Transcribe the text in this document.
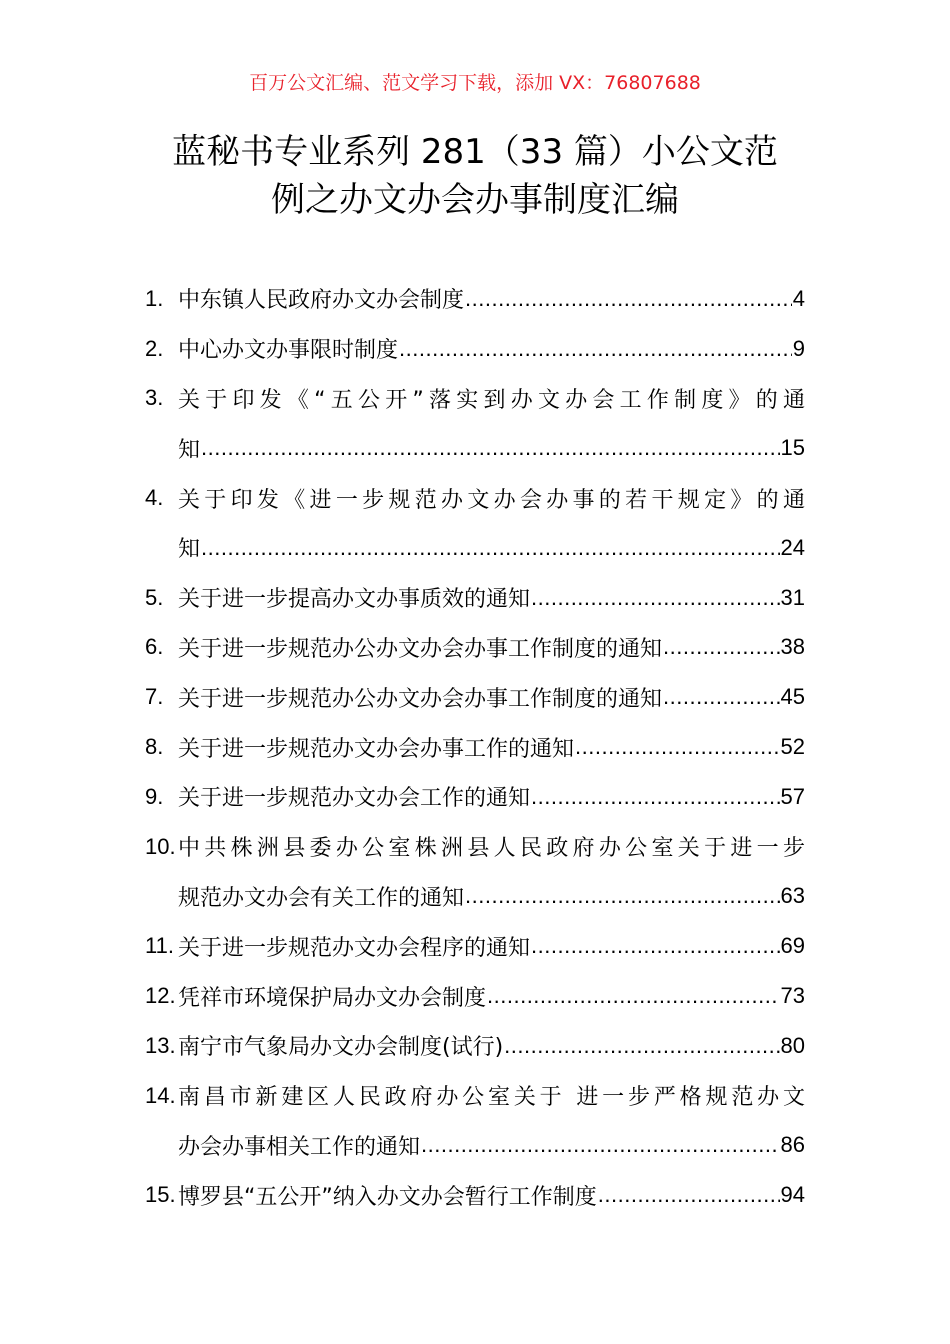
百万公文汇编、范文学习下载，添加 VX：76807688
蓝秘书专业系列 281（33 篇）小公文范
例之办文办会办事制度汇编
1. 中东镇人民政府办文办会制度 .....	4
2. 中心办文办事限时制度 .....	9
3. 关于印发《“五公开”落实到办文办会工作制度》的通
知 .....	15
4. 关于印发《进一步规范办文办会办事的若干规定》的通
知 .....	24
5. 关于进一步提高办文办事质效的通知 .....	31
6. 关于进一步规范办公办文办会办事工作制度的通知 .....	38
7. 关于进一步规范办公办文办会办事工作制度的通知 .....	45
8. 关于进一步规范办文办会办事工作的通知 .....	52
9. 关于进一步规范办文办会工作的通知 .....	57
10. 中共株洲县委办公室株洲县人民政府办公室关于进一步
规范办文办会有关工作的通知 .....	63
11. 关于进一步规范办文办会程序的通知 .....	69
12. 凭祥市环境保护局办文办会制度 .....	73
13. 南宁市气象局办文办会制度(试行) .....	80
14. 南昌市新建区人民政府办公室关于 进一步严格规范办文
办会办事相关工作的通知 .....	86
15. 博罗县“五公开”纳入办文办会暂行工作制度 .....	94
